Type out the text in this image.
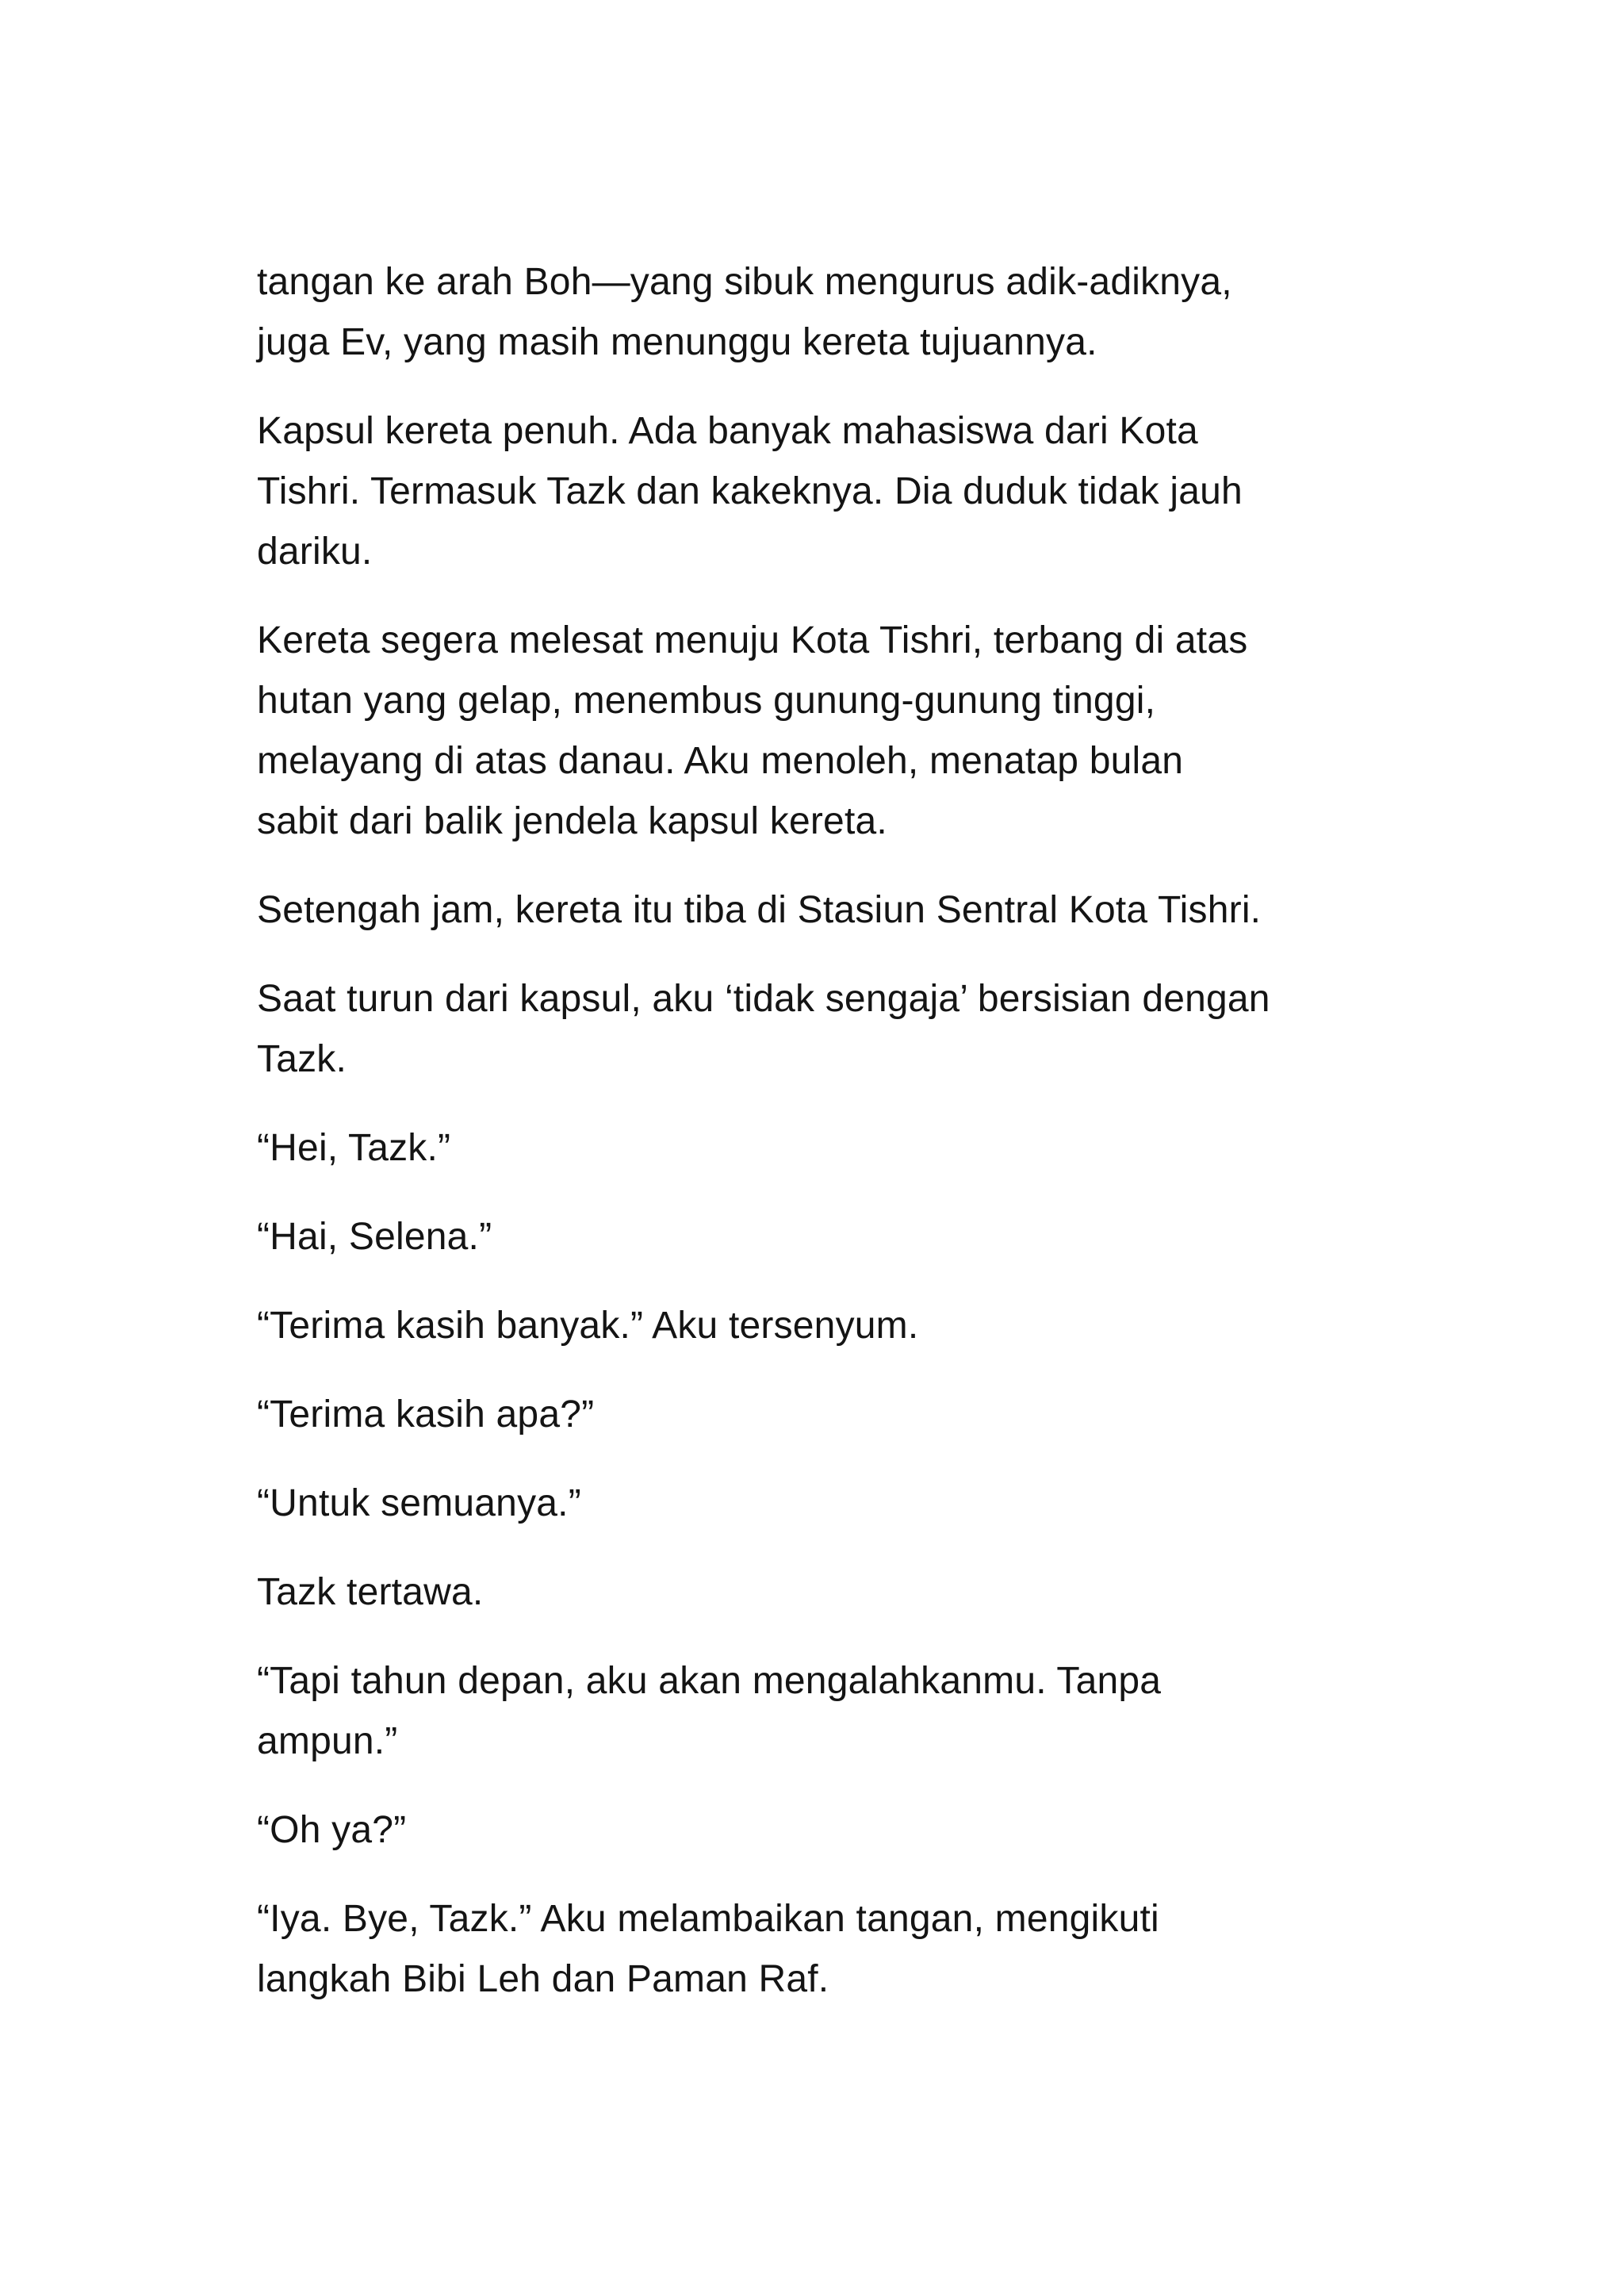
tangan ke arah Boh—yang sibuk mengurus adik-adiknya,
juga Ev, yang masih menunggu kereta tujuannya.

Kapsul kereta penuh. Ada banyak mahasiswa dari Kota
Tishri. Termasuk Tazk dan kakeknya. Dia duduk tidak jauh
dariku.

Kereta segera melesat menuju Kota Tishri, terbang di atas
hutan yang gelap, menembus gunung-gunung tinggi,
melayang di atas danau. Aku menoleh, menatap bulan
sabit dari balik jendela kapsul kereta.

Setengah jam, kereta itu tiba di Stasiun Sentral Kota Tishri.

Saat turun dari kapsul, aku ‘tidak sengaja’ bersisian dengan
Tazk.

“Hei, Tazk.”

“Hai, Selena.”

“Terima kasih banyak.” Aku tersenyum.

“Terima kasih apa?”

“Untuk semuanya.”

Tazk tertawa.

“Tapi tahun depan, aku akan mengalahkanmu. Tanpa
ampun.”

“Oh ya?”

“Iya. Bye, Tazk.” Aku melambaikan tangan, mengikuti
langkah Bibi Leh dan Paman Raf.
